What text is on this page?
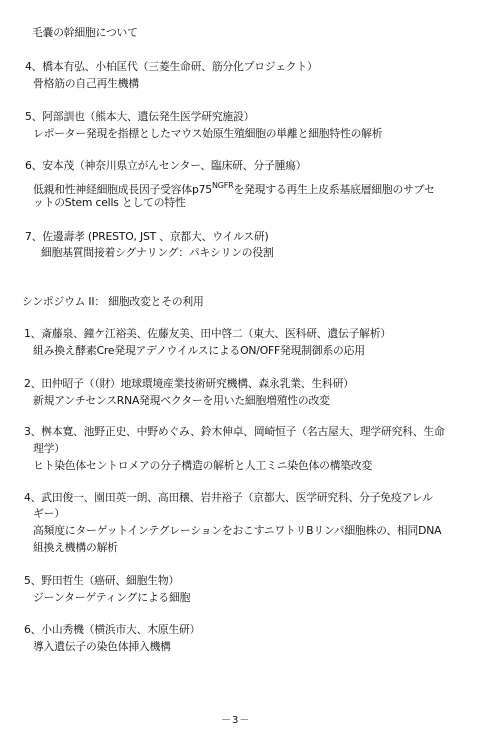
毛嚢の幹細胞について
4、橋本有弘、小柏匡代（三菱生命研、筋分化プロジェクト）
骨格筋の自己再生機構
5、阿部訓也（熊本大、遺伝発生医学研究施設）
レポーター発現を指標としたマウス始原生殖細胞の単離と細胞特性の解析
6、安本茂（神奈川県立がんセンター、臨床研、分子腫瘍）
低親和性神経細胞成長因子受容体$p75^{NGFR}$を発現する再生上皮系基底層細胞のサブセ
ットのStem cells としての特性
7、佐邊壽孝 (PRESTO, JST 、京都大、ウイルス研)
細胞基質間接着シグナリング：パキシリンの役割
シンポジウム II： 細胞改変とその利用
1、斎藤泉、鐘ケ江裕美、佐藤友美、田中啓二（東大、医科研、遺伝子解析）
組み換え酵素Cre発現アデノウイルスによるON/OFF発現制御系の応用
2、田仲昭子（（財）地球環境産業技術研究機構、森永乳業、生科研）
新規アンチセンスRNA発現ベクターを用いた細胞増殖性の改変
3、桝本寛、池野正史、中野めぐみ、鈴木伸卓、岡崎恒子（名古屋大、理学研究科、生命
理学）
ヒト染色体セントロメアの分子構造の解析と人工ミニ染色体の構築改変
4、武田俊一、園田英一朗、高田穣、岩井裕子（京都大、医学研究科、分子免疫アレル
ギー）
高頻度にターゲットインテグレーションをおこすニワトリBリンパ細胞株の、相同DNA
組換え機構の解析
5、野田哲生（癌研、細胞生物）
ジーンターゲティングによる細胞
6、小山秀機（横浜市大、木原生研）
導入遺伝子の染色体挿入機構
－3－
